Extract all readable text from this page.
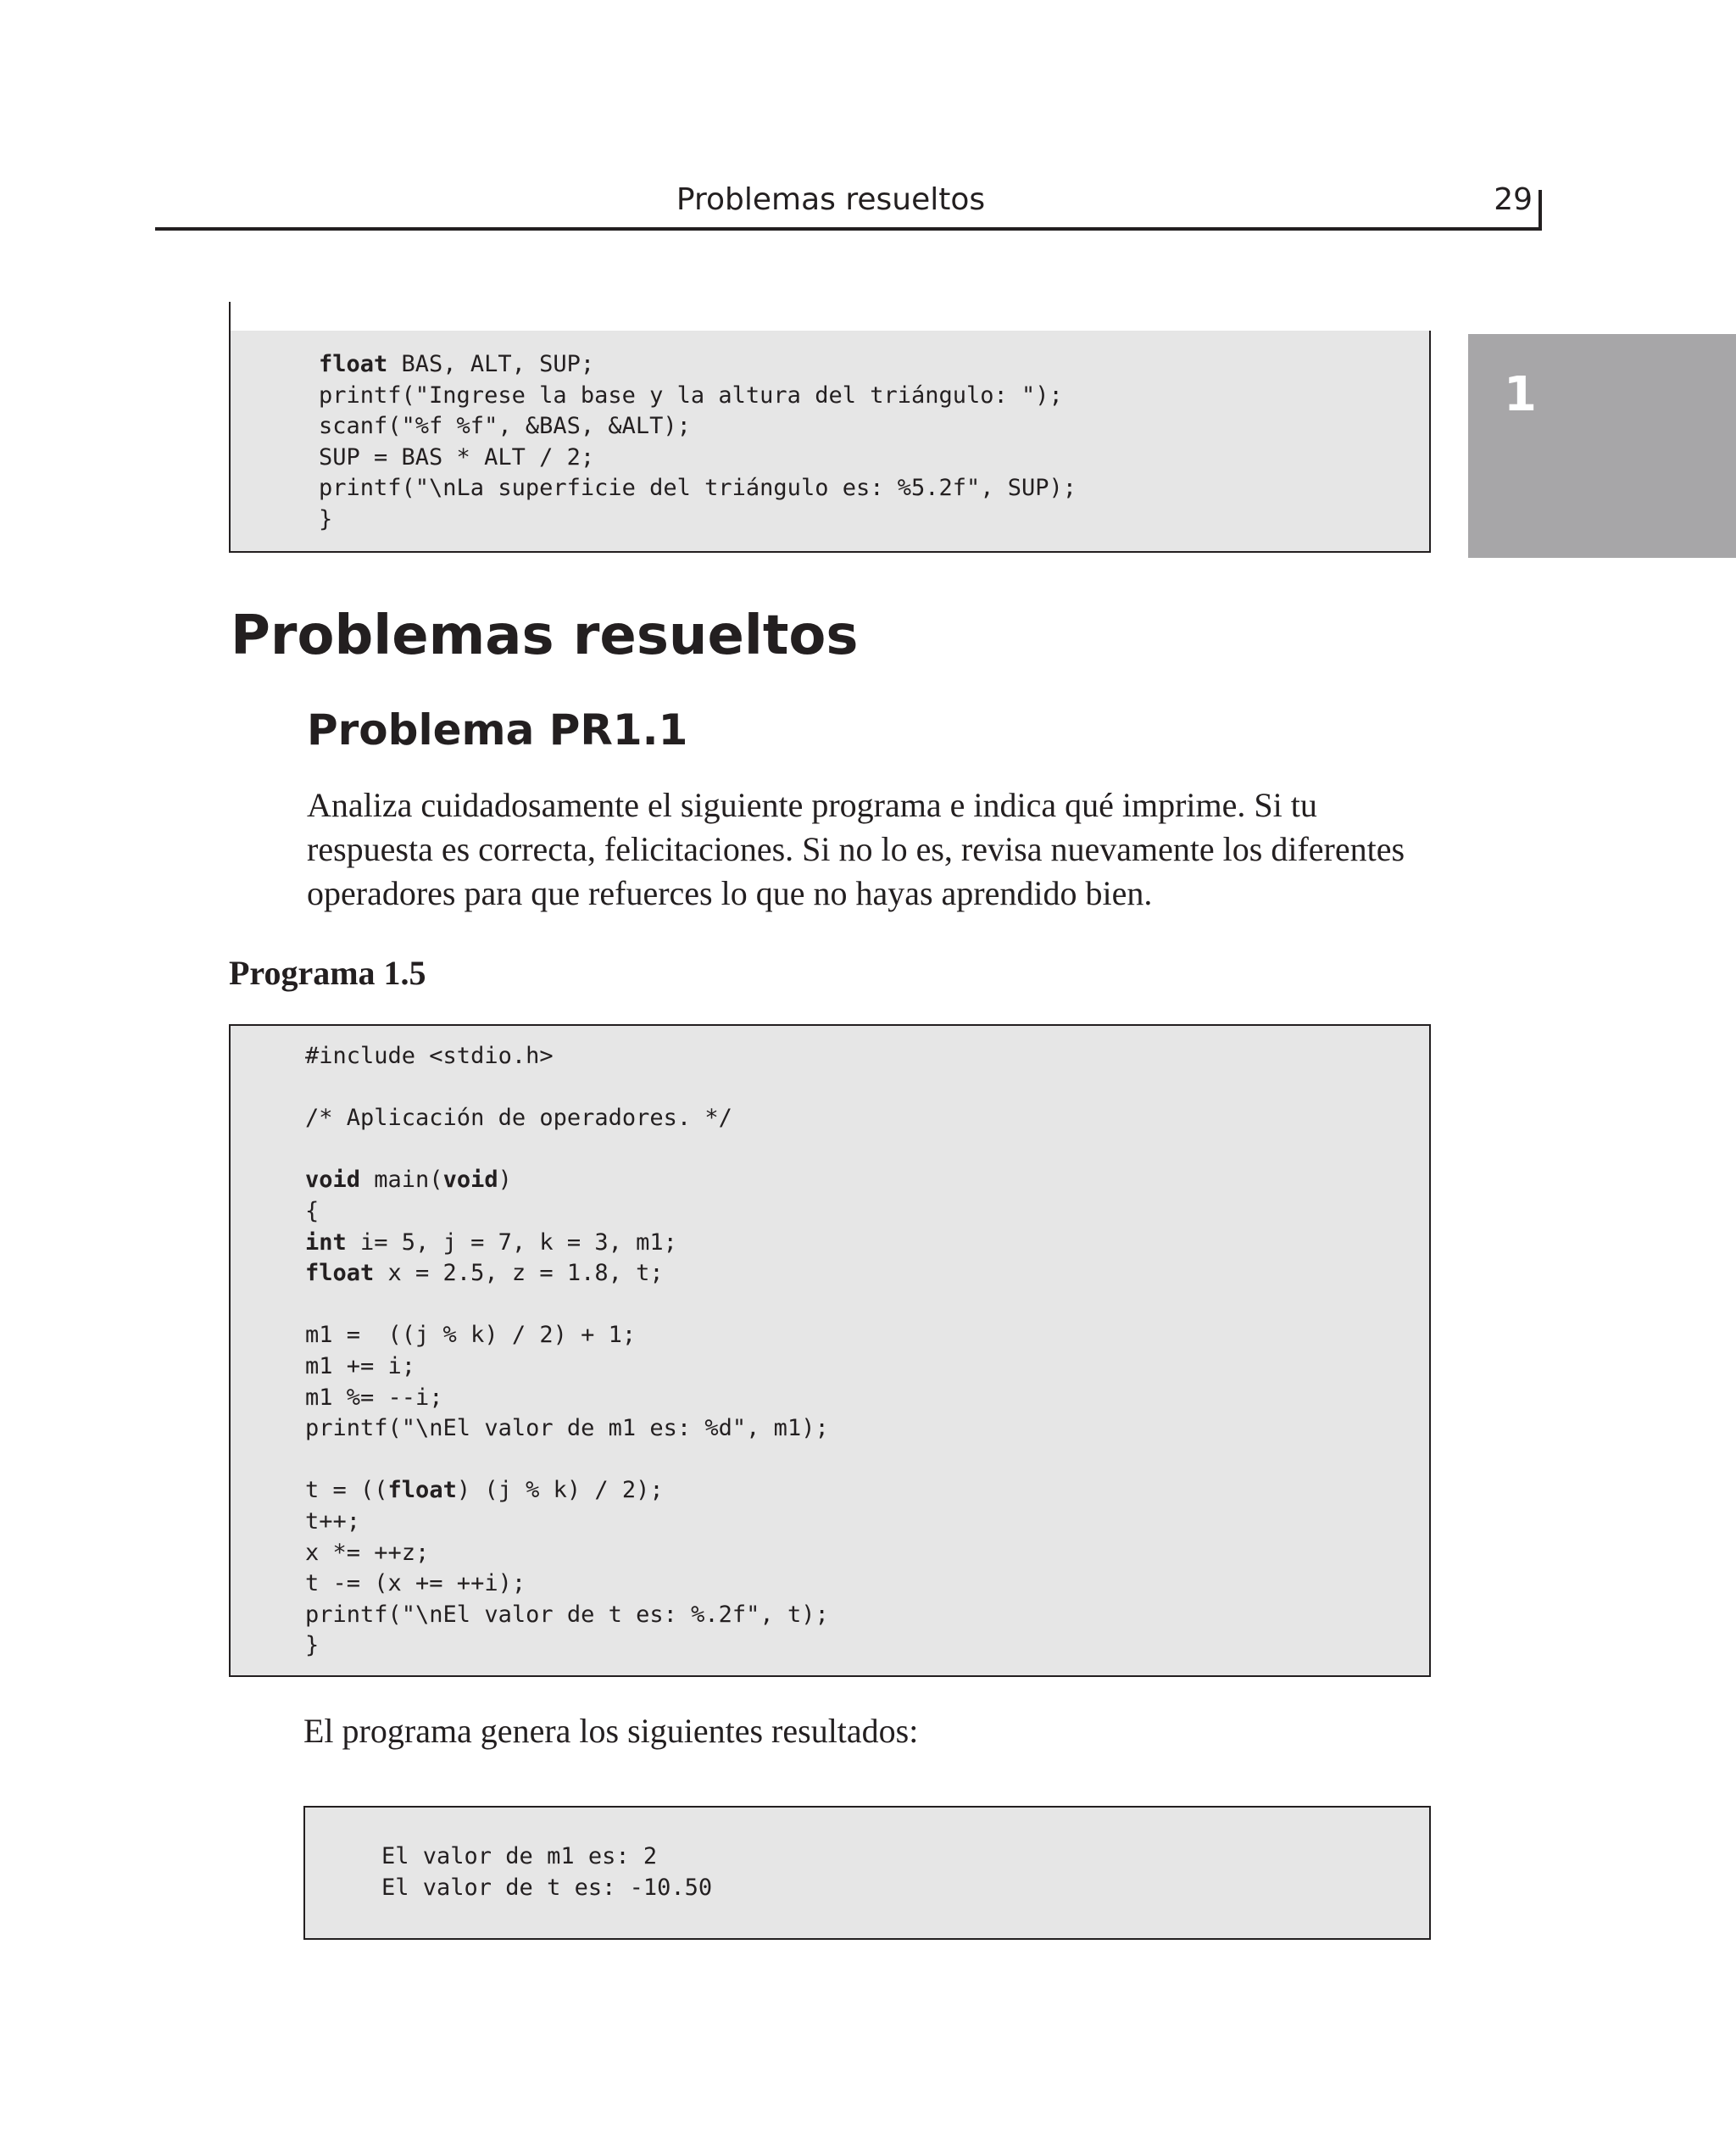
Problemas resueltos	29
1
float BAS, ALT, SUP;
printf("Ingrese la base y la altura del triángulo: ");
scanf("%f %f", &BAS, &ALT);
SUP = BAS * ALT / 2;
printf("\nLa superficie del triángulo es: %5.2f", SUP);
}
Problemas resueltos
Problema PR1.1

Analiza cuidadosamente el siguiente programa e indica qué imprime. Si tu respuesta es correcta, felicitaciones. Si no lo es, revisa nuevamente los diferentes operadores para que refuerces lo que no hayas aprendido bien.

Programa 1.5
#include <stdio.h>

/* Aplicación de operadores. */

void main(void)
{
int i= 5, j = 7, k = 3, m1;
float x = 2.5, z = 1.8, t;

m1 =  ((j % k) / 2) + 1;
m1 += i;
m1 %= --i;
printf("\nEl valor de m1 es: %d", m1);

t = ((float) (j % k) / 2);
t++;
x *= ++z;
t -= (x += ++i);
printf("\nEl valor de t es: %.2f", t);
}
El programa genera los siguientes resultados:
El valor de m1 es: 2
El valor de t es: -10.50
